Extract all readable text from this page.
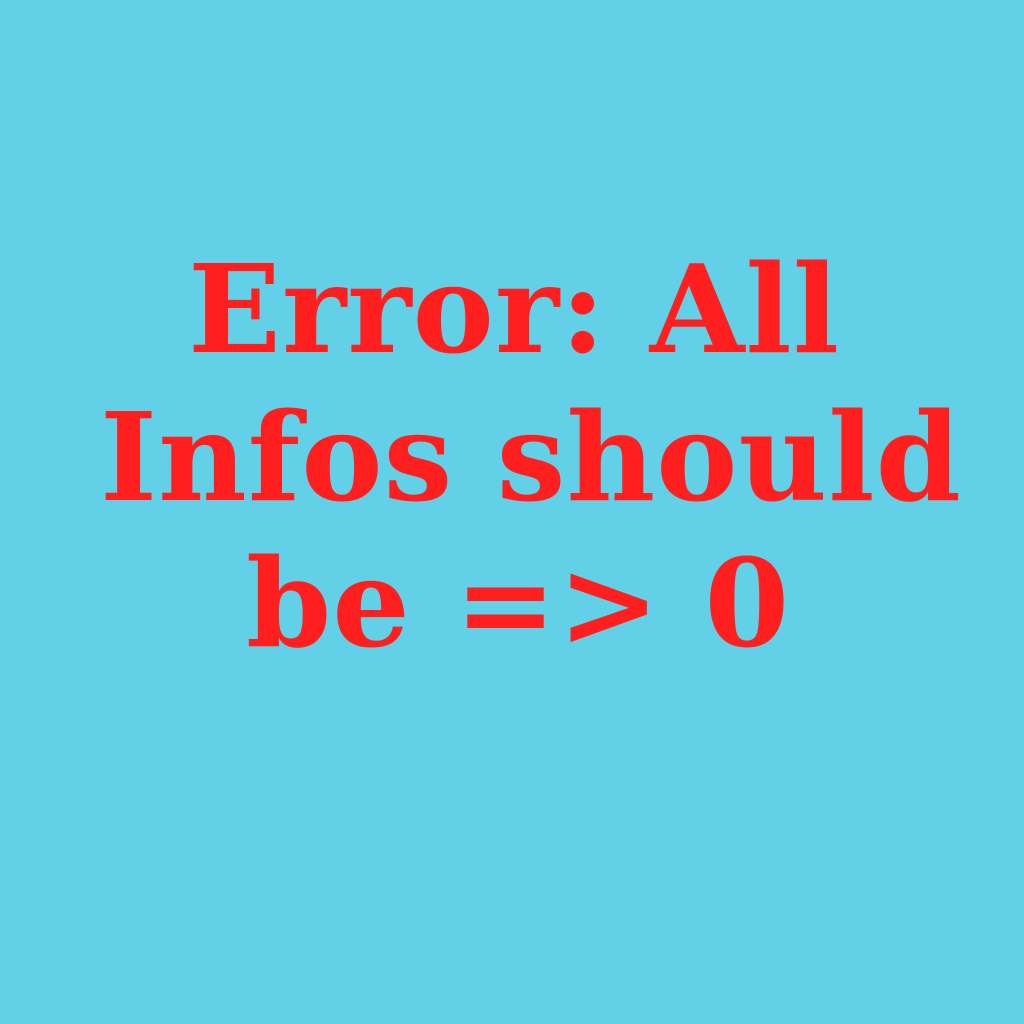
Error: All
Infos should
be => 0
